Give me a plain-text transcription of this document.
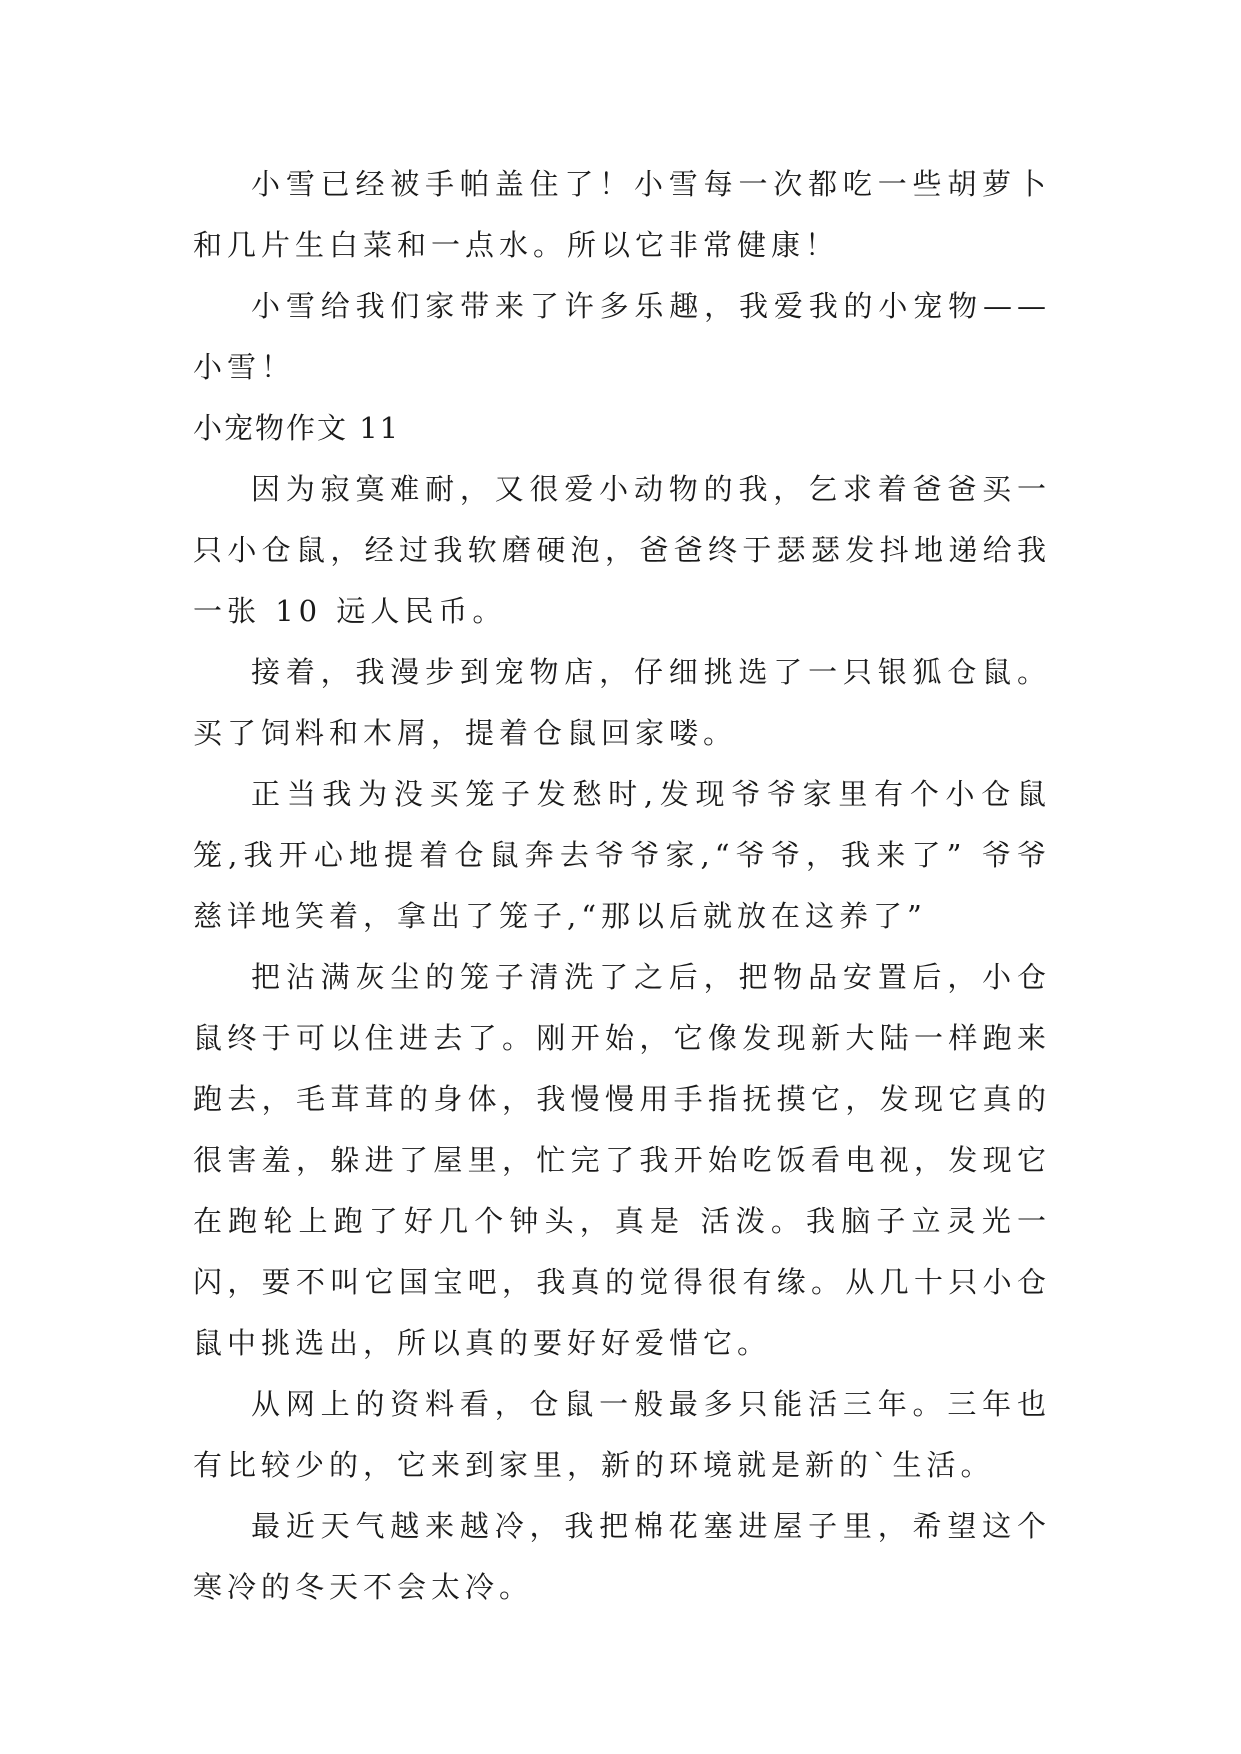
小雪已经被手帕盖住了！小雪每一次都吃一些胡萝卜和几片生白菜和一点水。所以它非常健康！

小雪给我们家带来了许多乐趣，我爱我的小宠物——小雪！

小宠物作文 11

因为寂寞难耐，又很爱小动物的我，乞求着爸爸买一只小仓鼠，经过我软磨硬泡，爸爸终于瑟瑟发抖地递给我一张 10 远人民币。

接着，我漫步到宠物店，仔细挑选了一只银狐仓鼠。买了饲料和木屑，提着仓鼠回家喽。

正当我为没买笼子发愁时,发现爷爷家里有个小仓鼠笼,我开心地提着仓鼠奔去爷爷家,“爷爷，我来了” 爷爷慈详地笑着，拿出了笼子,“那以后就放在这养了”

把沾满灰尘的笼子清洗了之后，把物品安置后，小仓鼠终于可以住进去了。刚开始，它像发现新大陆一样跑来跑去，毛茸茸的身体，我慢慢用手指抚摸它，发现它真的很害羞，躲进了屋里，忙完了我开始吃饭看电视，发现它在跑轮上跑了好几个钟头，真是 活泼。我脑子立灵光一闪，要不叫它国宝吧，我真的觉得很有缘。从几十只小仓鼠中挑选出，所以真的要好好爱惜它。

从网上的资料看，仓鼠一般最多只能活三年。三年也有比较少的，它来到家里，新的环境就是新的`生活。

最近天气越来越冷，我把棉花塞进屋子里，希望这个寒冷的冬天不会太冷。
